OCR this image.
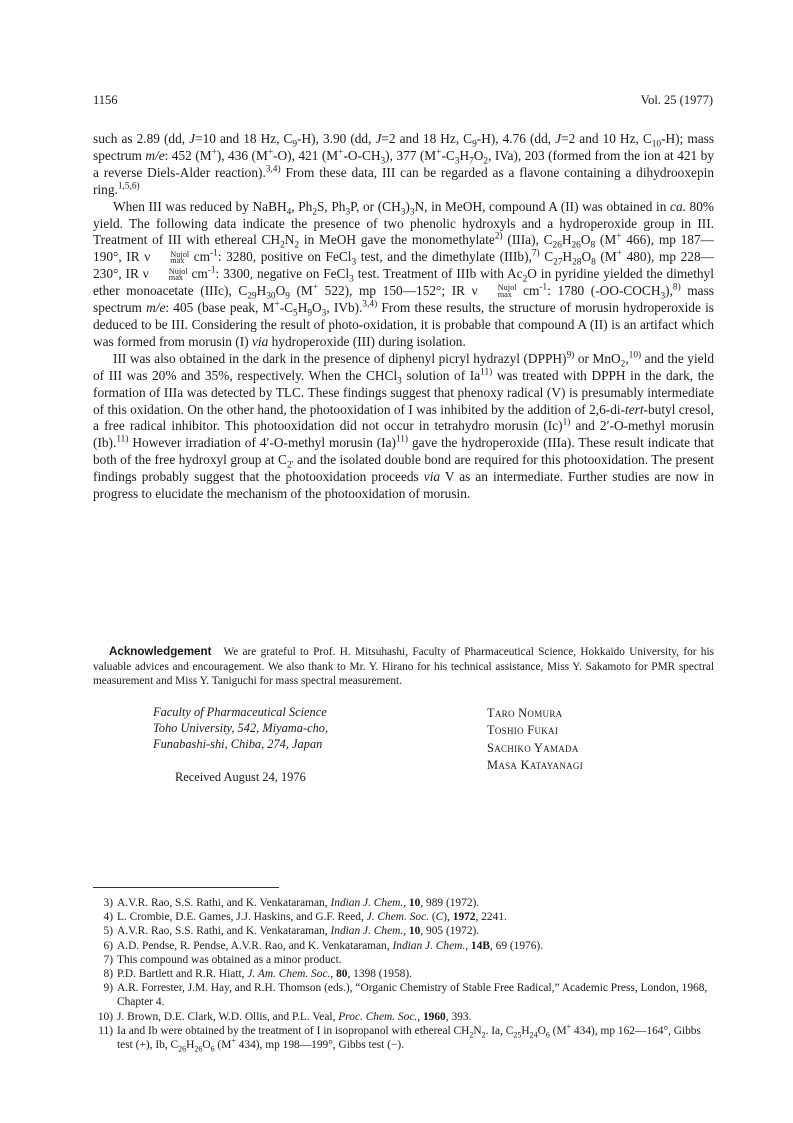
1156	Vol. 25 (1977)

such as 2.89 (dd, J=10 and 18 Hz, $C_9-H$), 3.90 (dd, J=2 and 18 Hz, $C_9-H$), 4.76 (dd, J=2 and 10 Hz, $C_{10}-H$); mass spectrum m/e: 452 (M+), 436 (M+-O), 421 $(M^+-O-CH_3)$, 377 ($M^+-C_3H_7O_2$, IVa), 203 (formed from the ion at 421 by a reverse Diels-Alder reaction).$^{3,4)}$ From these data, III can be regarded as a flavone containing a dihydrooxepin ring.$^{1,5,6)}$

When III was reduced by NaBH$_4$, $Ph_2S$, $Ph_3P$, or $(CH_3)_3N$, in MeOH, compound A (II) was obtained in ca. 80% yield. The following data indicate the presence of two phenolic hydroxyls and a hydroperoxide group in III. Treatment of III with ethereal $CH_2N_2$ in MeOH gave the monomethylate$^{2)}$ (IIIa), $C_{26}H_{26}O_8$ (M+ 466), mp 187—190°, IR ν	Nujol
$\max cm^{-1}$: 3280, positive on FeCl$_3$ test, and the dimethylate (IIIb),$^{7)}$ $C_{27}H_{28}O_8$ (M+ 480), mp 228—230°, IR ν	Nujol
$\max cm^{-1}$: 3300, negative on FeCl$_3$ test. Treatment of IIIb with $Ac_2O$ in pyridine yielded the dimethyl ether monoacetate (IIIc), $C_{29}H_{30}O_9$ (M+ 522), mp 150—152°; IR ν	Nujol
$\max cm^{-1}$: 1780 $(-OO-COCH_3),^{8)}$ mass spectrum m/e: 405 (base peak, $M^+-C_5H_9O_3$, IVb).$^{3,4)}$ From these results, the structure of morusin hydroperoxide is deduced to be III. Considering the result of photo-oxidation, it is probable that compound A (II) is an artifact which was formed from morusin (I) via hydroperoxide (III) during isolation.

III was also obtained in the dark in the presence of diphenyl picryl hydrazyl (DPPH)$^{9)}$ or MnO$_2$,$^{10)}$ and the yield of III was 20% and 35%, respectively. When the CHCl$_3$ solution of Ia$^{11)}$ was treated with DPPH in the dark, the formation of IIIa was detected by TLC. These findings suggest that phenoxy radical (V) is presumably intermediate of this oxidation. On the other hand, the photooxidation of I was inhibited by the addition of 2,6-di-tert-butyl cresol, a free radical inhibitor. This photooxidation did not occur in tetrahydro morusin $(Ic)^{1)}$ and 2′-O-methyl morusin (Ib).$^{11)}$ However irradiation of 4′-O-methyl morusin $(Ia)^{11)}$ gave the hydroperoxide (IIIa). These result indicate that both of the free hydroxyl group at $C_{2'}$ and the isolated double bond are required for this photooxidation. The present findings probably suggest that the photooxidation proceeds via V as an intermediate. Further studies are now in progress to elucidate the mechanism of the photooxidation of morusin.

Acknowledgement We are grateful to Prof. H. Mitsuhashi, Faculty of Pharmaceutical Science, Hokkaido University, for his valuable advices and encouragement. We also thank to Mr. Y. Hirano for his technical assistance, Miss Y. Sakamoto for PMR spectral measurement and Miss Y. Taniguchi for mass spectral measurement.
Faculty of Pharmaceutical Science
Toho University, 542, Miyama-cho,
Funabashi-shi, Chiba, 274, Japan
Received August 24, 1976
Taro Nomura
Toshio Fukai
Sachiko Yamada
Masa Katayanagi
3) A.V.R. Rao, S.S. Rathi, and K. Venkataraman, Indian J. Chem., 10, 989 (1972).
4) L. Crombie, D.E. Games, J.J. Haskins, and G.F. Reed, J. Chem. Soc. (C), 1972, 2241.
5) A.V.R. Rao, S.S. Rathi, and K. Venkataraman, Indian J. Chem., 10, 905 (1972).
6) A.D. Pendse, R. Pendse, A.V.R. Rao, and K. Venkataraman, Indian J. Chem., 14B, 69 (1976).
7) This compound was obtained as a minor product.
8) P.D. Bartlett and R.R. Hiatt, J. Am. Chem. Soc., 80, 1398 (1958).
9) A.R. Forrester, J.M. Hay, and R.H. Thomson (eds.), “Organic Chemistry of Stable Free Radical,” Academic Press, London, 1968, Chapter 4.
10) J. Brown, D.E. Clark, W.D. Ollis, and P.L. Veal, Proc. Chem. Soc., 1960, 393.
11) Ia and Ib were obtained by the treatment of I in isopropanol with ethereal $CH_2N_2$. Ia, $C_{25}H_{24}O_6$ (M+ 434), mp 162—164°, Gibbs test (+), Ib, $C_{26}H_{26}O_6$ (M+ 434), mp 198—199°, Gibbs test (−).
